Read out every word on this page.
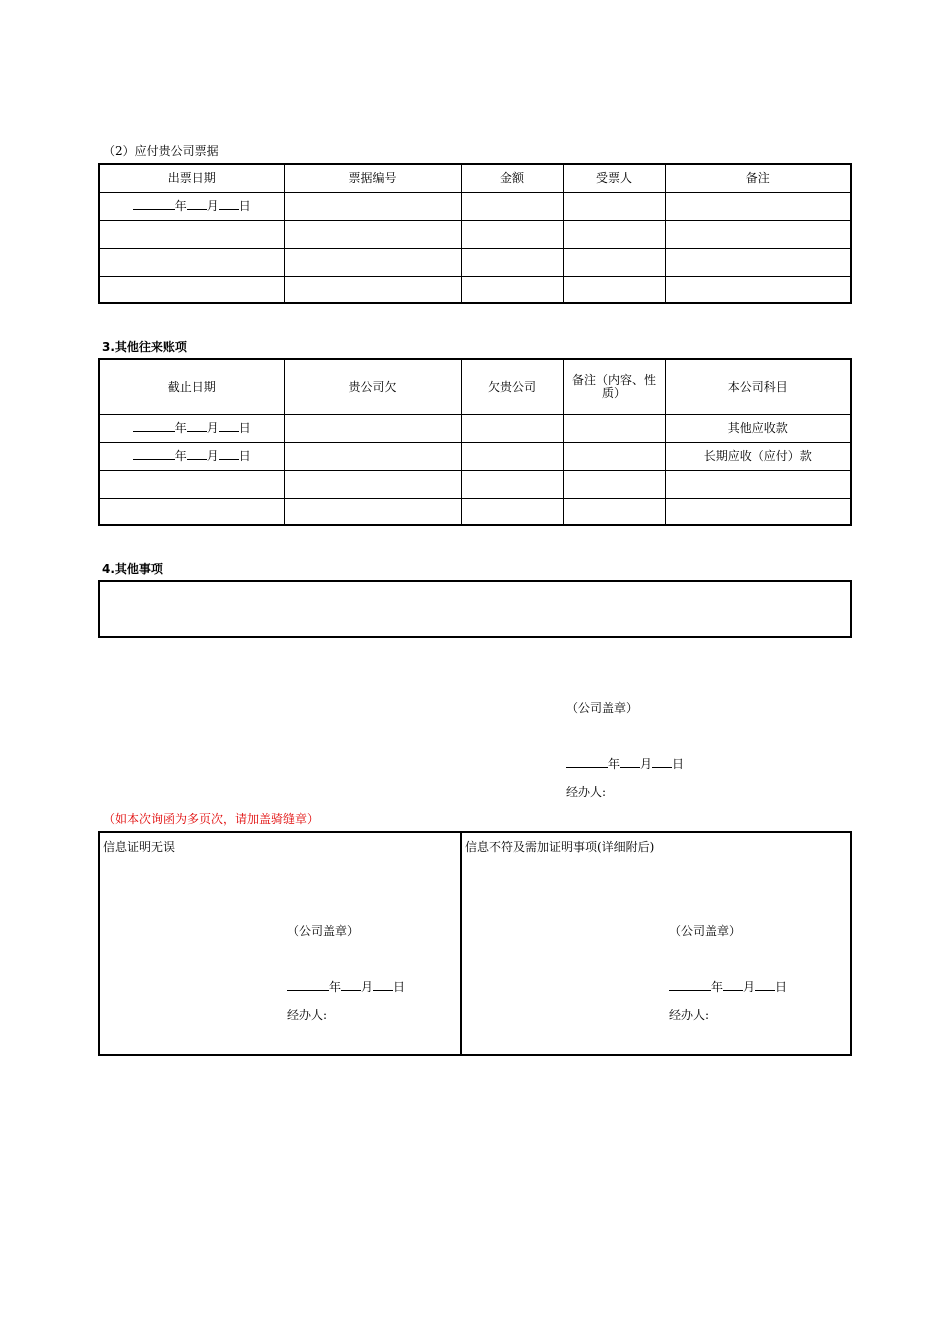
（2）应付贵公司票据
出票日期	票据编号	金额	受票人	备注
年 月 日				

3.其他往来账项
截止日期	贵公司欠	欠贵公司	备注（内容、性质）	本公司科目
年 月 日				其他应收款
年 月 日				长期应收（应付）款

4.其他事项
（公司盖章）
年 月 日
经办人:
（如本次询函为多页次，请加盖骑缝章）
信息证明无误
（公司盖章）
年 月 日
经办人:
信息不符及需加证明事项(详细附后)
（公司盖章）
年 月 日
经办人:
